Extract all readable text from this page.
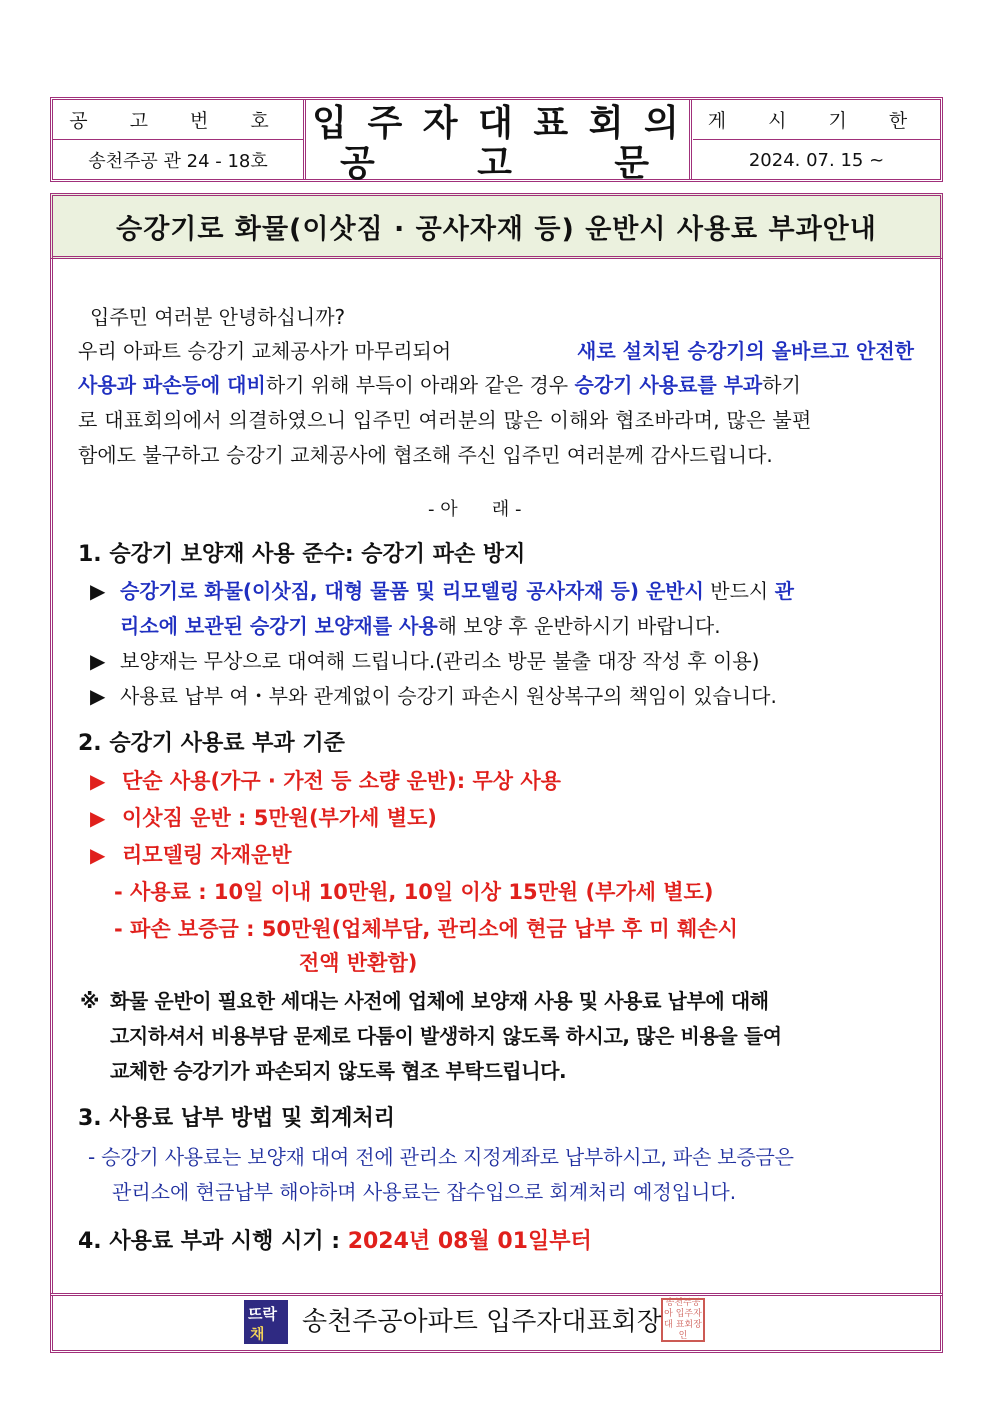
공 고 번 호
송천주공 관 24 - 18호
입 주 자 대 표 회 의
공	고	문
게 시 기 한
2024. 07. 15 ~
승강기로 화물(이삿짐 · 공사자재 등) 운반시 사용료 부과안내
입주민 여러분 안녕하십니까?
우리 아파트 승강기 교체공사가 마무리되어	새로 설치된 승강기의 올바르고 안전한
사용과 파손등에 대비 하기 위해 부득이 아래와 같은 경우 승강기 사용료를 부과 하기
로 대표회의에서 의결하였으니 입주민 여러분의 많은 이해와 협조바라며, 많은 불편
함에도 불구하고 승강기 교체공사에 협조해 주신 입주민 여러분께 감사드립니다.
- 아      래 -
1. 승강기 보양재 사용 준수: 승강기 파손 방지
▶ 승강기로 화물(이삿짐, 대형 물품 및 리모델링 공사자재 등) 운반시 반드시 관
리소에 보관된 승강기 보양재를 사용 해 보양 후 운반하시기 바랍니다.
▶ 보양재는 무상으로 대여해 드립니다.(관리소 방문 불출 대장 작성 후 이용)
▶ 사용료 납부 여・부와 관계없이 승강기 파손시 원상복구의 책임이 있습니다.
2. 승강기 사용료 부과 기준
▶ 단순 사용(가구 · 가전 등 소량 운반): 무상 사용
▶ 이삿짐 운반 : 5만원(부가세 별도)
▶ 리모델링 자재운반
- 사용료 : 10일 이내 10만원, 10일 이상 15만원 (부가세 별도)
- 파손 보증금 : 50만원(업체부담, 관리소에 현금 납부 후 미 훼손시
전액 반환함)
※ 화물 운반이 필요한 세대는 사전에 업체에 보양재 사용 및 사용료 납부에 대해
고지하셔서 비용부담 문제로 다툼이 발생하지 않도록 하시고, 많은 비용을 들여
교체한 승강기가 파손되지 않도록 협조 부탁드립니다.
3. 사용료 납부 방법 및 회계처리
- 승강기 사용료는 보양재 대여 전에 관리소 지정계좌로 납부하시고, 파손 보증금은
관리소에 현금납부 해야하며 사용료는 잡수입으로 회계처리 예정입니다.
4. 사용료 부과 시행 시기 : 2024년 08월 01일부터
뜨락
채 송천주공아파트 입주자대표회장
송천주공아 입주자대 표회장인
